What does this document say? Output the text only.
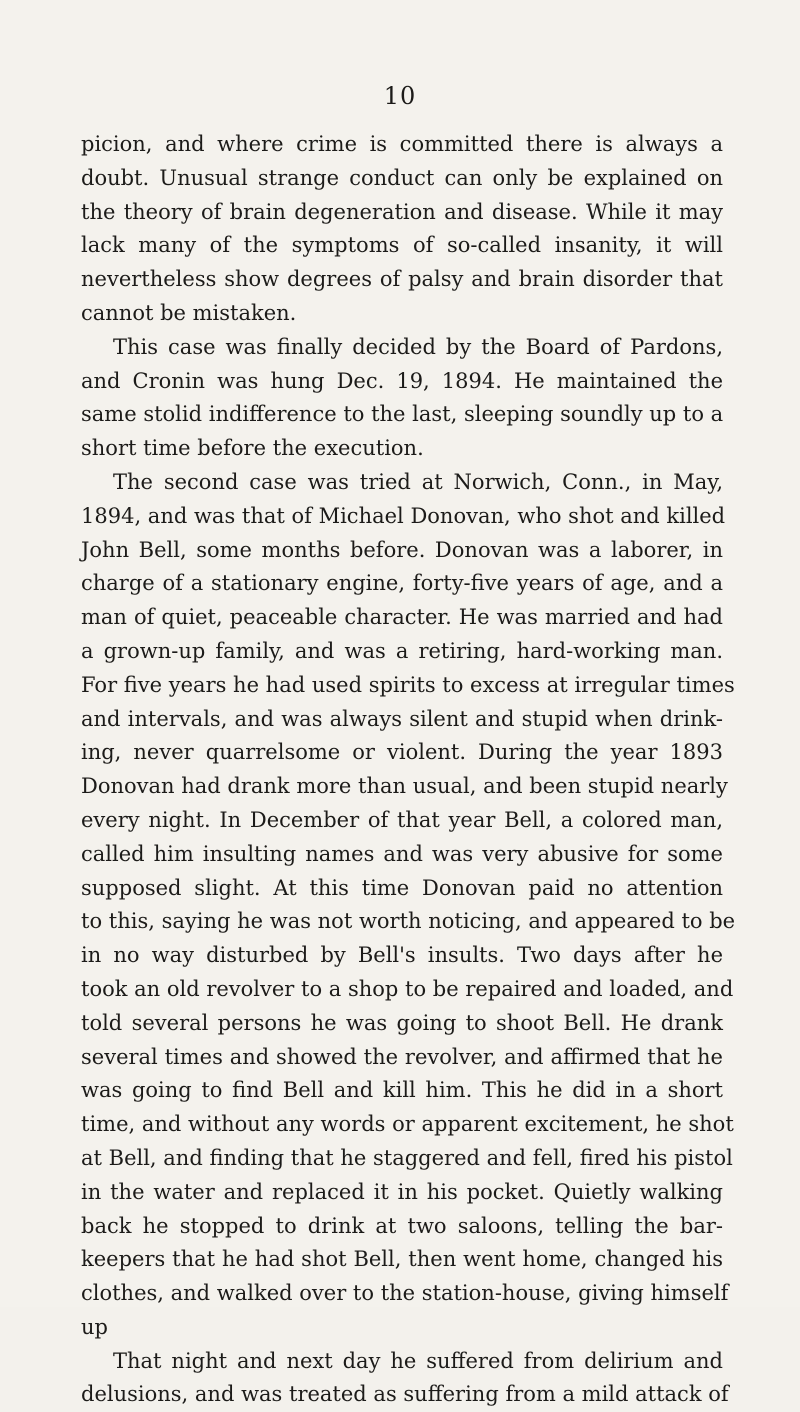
10
picion, and where crime is committed there is always a
doubt. Unusual strange conduct can only be explained on
the theory of brain degeneration and disease. While it may
lack many of the symptoms of so-called insanity, it will
nevertheless show degrees of palsy and brain disorder that
cannot be mistaken.
This case was finally decided by the Board of Pardons,
and Cronin was hung Dec. 19, 1894. He maintained the
same stolid indifference to the last, sleeping soundly up to a
short time before the execution.
The second case was tried at Norwich, Conn., in May,
1894, and was that of Michael Donovan, who shot and killed
John Bell, some months before. Donovan was a laborer, in
charge of a stationary engine, forty-five years of age, and a
man of quiet, peaceable character. He was married and had
a grown-up family, and was a retiring, hard-working man.
For five years he had used spirits to excess at irregular times
and intervals, and was always silent and stupid when drink-
ing, never quarrelsome or violent. During the year 1893
Donovan had drank more than usual, and been stupid nearly
every night. In December of that year Bell, a colored man,
called him insulting names and was very abusive for some
supposed slight. At this time Donovan paid no attention
to this, saying he was not worth noticing, and appeared to be
in no way disturbed by Bell's insults. Two days after he
took an old revolver to a shop to be repaired and loaded, and
told several persons he was going to shoot Bell. He drank
several times and showed the revolver, and affirmed that he
was going to find Bell and kill him. This he did in a short
time, and without any words or apparent excitement, he shot
at Bell, and finding that he staggered and fell, fired his pistol
in the water and replaced it in his pocket. Quietly walking
back he stopped to drink at two saloons, telling the bar-
keepers that he had shot Bell, then went home, changed his
clothes, and walked over to the station-house, giving himself
up
That night and next day he suffered from delirium and
delusions, and was treated as suffering from a mild attack of
